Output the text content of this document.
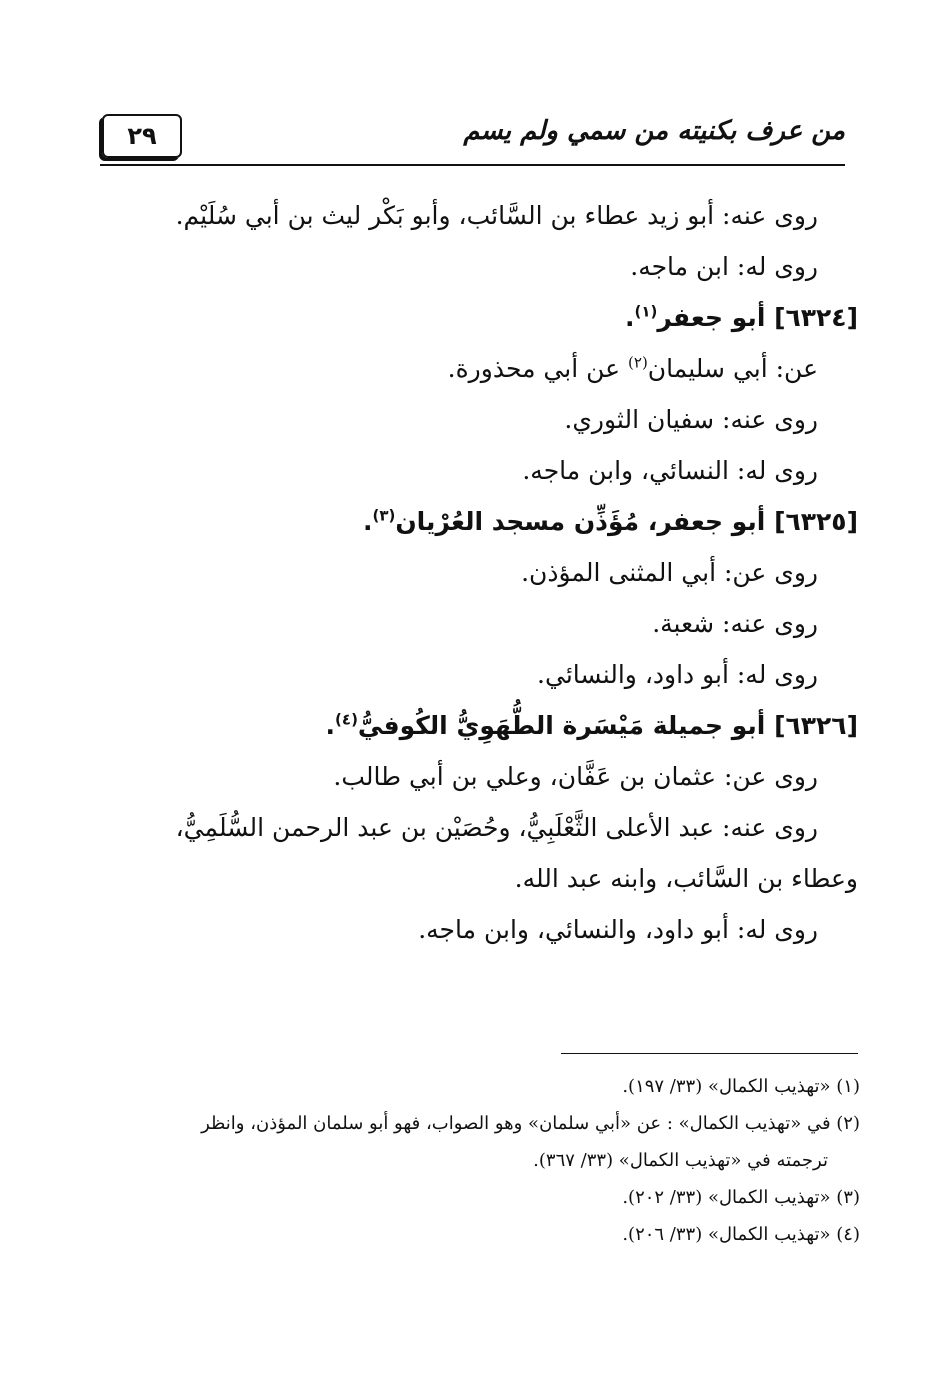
من عرف بكنيته من سمي ولم يسم
٢٩
روى عنه: أبو زيد عطاء بن السَّائب، وأبو بَكْر ليث بن أبي سُلَيْم.
روى له: ابن ماجه.
[٦٣٢٤] أبو جعفر$^{(١)}$.
عن: أبي سليمان$^{(٢)}$ عن أبي محذورة.
روى عنه: سفيان الثوري.
روى له: النسائي، وابن ماجه.
[٦٣٢٥] أبو جعفر، مُؤَذِّن مسجد العُرْيان$^{(٣)}$.
روى عن: أبي المثنى المؤذن.
روى عنه: شعبة.
روى له: أبو داود، والنسائي.
[٦٣٢٦] أبو جميلة مَيْسَرة الطُّهَوِيُّ الكُوفيُّ$^{(٤)}$.
روى عن: عثمان بن عَفَّان، وعلي بن أبي طالب.
روى عنه: عبد الأعلى الثَّعْلَبِيُّ، وحُصَيْن بن عبد الرحمن السُّلَمِيُّ،
وعطاء بن السَّائب، وابنه عبد الله.
روى له: أبو داود، والنسائي، وابن ماجه.
(١) «تهذيب الكمال» (٣٣/ ١٩٧).
(٢) في «تهذيب الكمال» : عن «أبي سلمان» وهو الصواب، فهو أبو سلمان المؤذن، وانظر
ترجمته في «تهذيب الكمال» (٣٣/ ٣٦٧).
(٣) «تهذيب الكمال» (٣٣/ ٢٠٢).
(٤) «تهذيب الكمال» (٣٣/ ٢٠٦).
